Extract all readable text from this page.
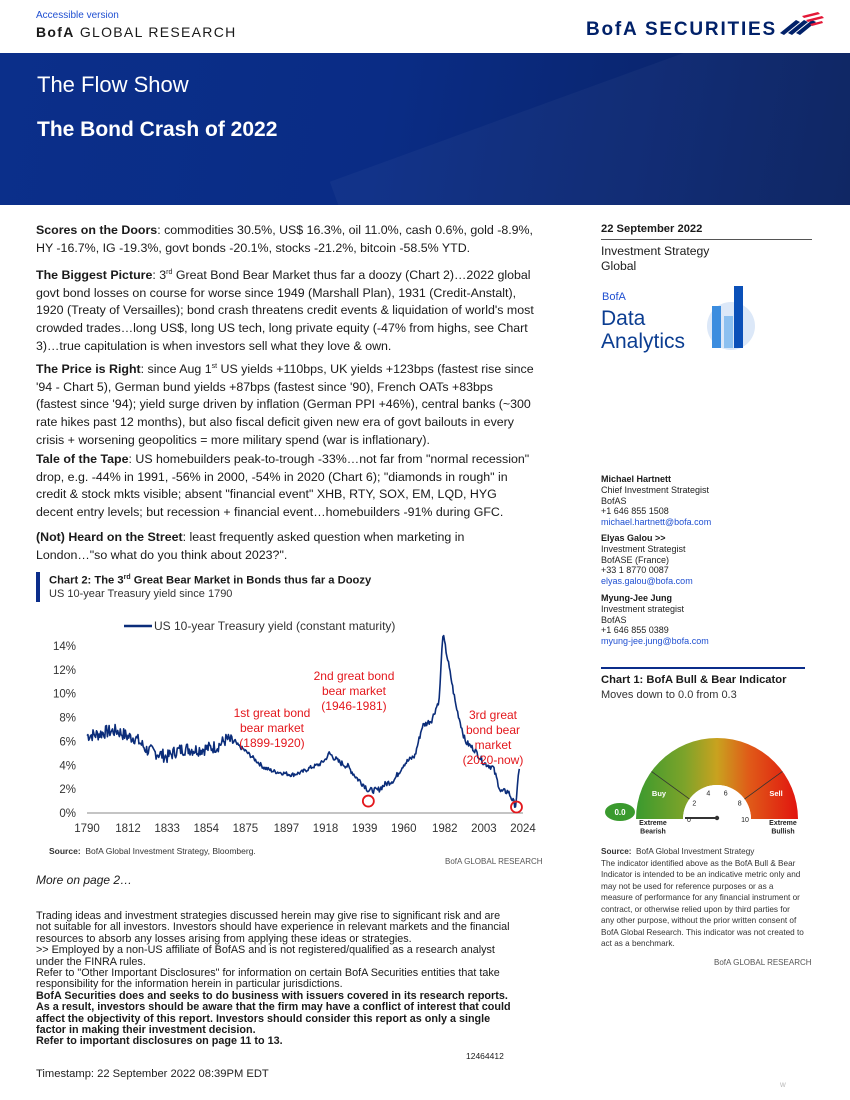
Accessible version
BofA GLOBAL RESEARCH	BofA SECURITIES
The Flow Show
The Bond Crash of 2022
Scores on the Doors: commodities 30.5%, US$ 16.3%, oil 11.0%, cash 0.6%, gold -8.9%, HY -16.7%, IG -19.3%, govt bonds -20.1%, stocks -21.2%, bitcoin -58.5% YTD.
The Biggest Picture: 3rd Great Bond Bear Market thus far a doozy (Chart 2)…2022 global govt bond losses on course for worse since 1949 (Marshall Plan), 1931 (Credit-Anstalt), 1920 (Treaty of Versailles); bond crash threatens credit events & liquidation of world's most crowded trades…long US$, long US tech, long private equity (-47% from highs, see Chart 3)…true capitulation is when investors sell what they love & own.
The Price is Right: since Aug 1st US yields +110bps, UK yields +123bps (fastest rise since '94 - Chart 5), German bund yields +87bps (fastest since '90), French OATs +83bps (fastest since '94); yield surge driven by inflation (German PPI +46%), central banks (~300 rate hikes past 12 months), but also fiscal deficit given new era of govt bailouts in every crisis + worsening geopolitics = more military spend (war is inflationary).
Tale of the Tape: US homebuilders peak-to-trough -33%…not far from "normal recession" drop, e.g. -44% in 1991, -56% in 2000, -54% in 2020 (Chart 6); "diamonds in rough" in credit & stock mkts visible; absent "financial event" XHB, RTY, SOX, EM, LQD, HYG decent entry levels; but recession + financial event…homebuilders -91% during GFC.
(Not) Heard on the Street: least frequently asked question when marketing in London…"so what do you think about 2023?".
Chart 2: The 3rd Great Bear Market in Bonds thus far a Doozy
US 10-year Treasury yield since 1790
0%
2%
4%
6%
8%
10%
12%
14%
1790 1812 1833 1854 1875 1897 1918 1939 1960 1982 2003 2024
US 10-year Treasury yield (constant maturity)
1st great bond
bear market
(1899-1920)
2nd great bond
bear market
(1946-1981)
3rd great
bond bear
market
(2020-now)
Source: BofA Global Investment Strategy, Bloomberg.
BofA GLOBAL RESEARCH
More on page 2…
Trading ideas and investment strategies discussed herein may give rise to significant risk and are not suitable for all investors. Investors should have experience in relevant markets and the financial resources to absorb any losses arising from applying these ideas or strategies.
>> Employed by a non-US affiliate of BofAS and is not registered/qualified as a research analyst under the FINRA rules.
Refer to "Other Important Disclosures" for information on certain BofA Securities entities that take responsibility for the information herein in particular jurisdictions.
BofA Securities does and seeks to do business with issuers covered in its research reports. As a result, investors should be aware that the firm may have a conflict of interest that could affect the objectivity of this report. Investors should consider this report as only a single factor in making their investment decision.
Refer to important disclosures on page 11 to 13.
12464412
Timestamp: 22 September 2022 08:39PM EDT
w
22 September 2022
Investment Strategy
Global
BofA
Data
Analytics
Michael Hartnett
Chief Investment Strategist
BofAS
+1 646 855 1508
michael.hartnett@bofa.com
Elyas Galou >>
Investment Strategist
BofASE (France)
+33 1 8770 0087
elyas.galou@bofa.com
Myung-Jee Jung
Investment strategist
BofAS
+1 646 855 0389
myung-jee.jung@bofa.com
Chart 1: BofA Bull & Bear Indicator
Moves down to 0.0 from 0.3
0
2
4 6
8
10
Buy	Sell
0.0
Extreme
Bearish
Extreme
Bullish
Source: BofA Global Investment Strategy
The indicator identified above as the BofA Bull & Bear Indicator is intended to be an indicative metric only and may not be used for reference purposes or as a measure of performance for any financial instrument or contract, or otherwise relied upon by third parties for any other purpose, without the prior written consent of BofA Global Research. This indicator was not created to act as a benchmark.
BofA GLOBAL RESEARCH
